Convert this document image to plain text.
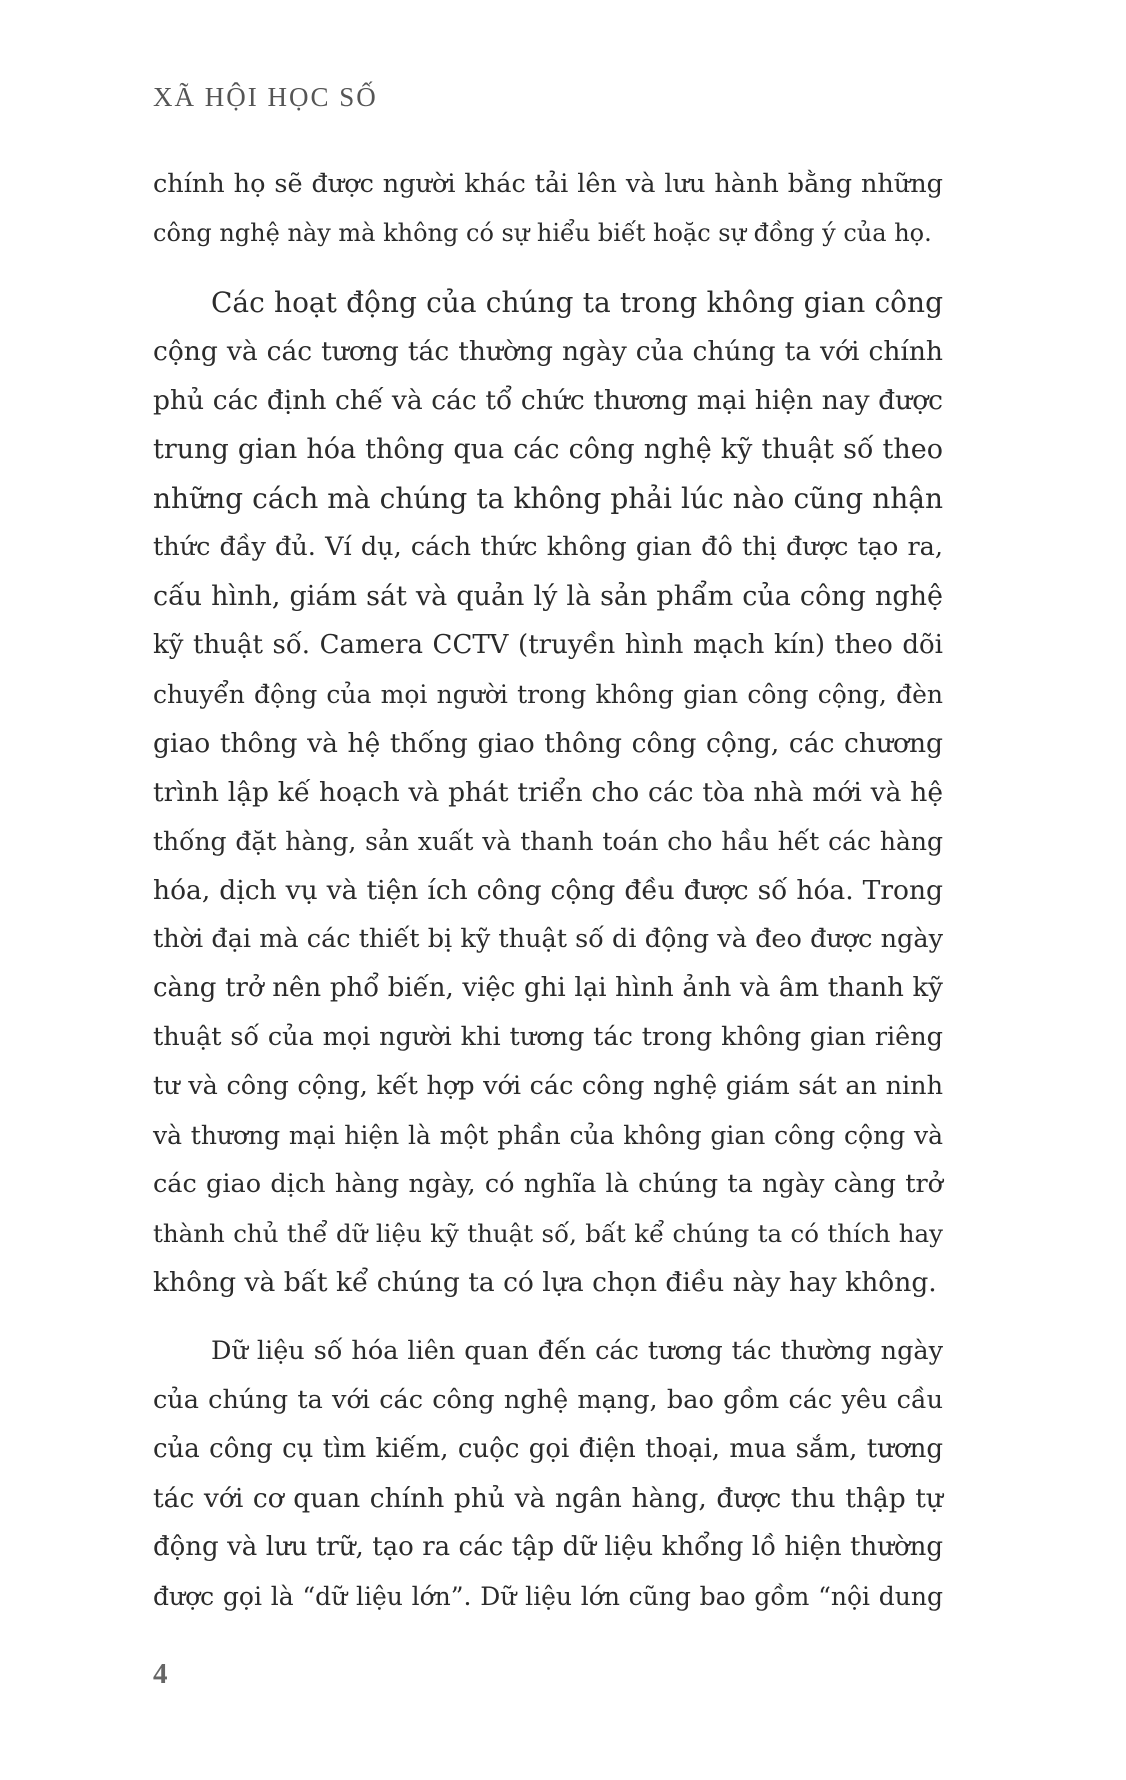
XÃ HỘI HỌC SỐ
chính họ sẽ được người khác tải lên và lưu hành bằng những
công nghệ này mà không có sự hiểu biết hoặc sự đồng ý của họ.
Các hoạt động của chúng ta trong không gian công
cộng và các tương tác thường ngày của chúng ta với chính
phủ các định chế và các tổ chức thương mại hiện nay được
trung gian hóa thông qua các công nghệ kỹ thuật số theo
những cách mà chúng ta không phải lúc nào cũng nhận
thức đầy đủ. Ví dụ, cách thức không gian đô thị được tạo ra,
cấu hình, giám sát và quản lý là sản phẩm của công nghệ
kỹ thuật số. Camera CCTV (truyền hình mạch kín) theo dõi
chuyển động của mọi người trong không gian công cộng, đèn
giao thông và hệ thống giao thông công cộng, các chương
trình lập kế hoạch và phát triển cho các tòa nhà mới và hệ
thống đặt hàng, sản xuất và thanh toán cho hầu hết các hàng
hóa, dịch vụ và tiện ích công cộng đều được số hóa. Trong
thời đại mà các thiết bị kỹ thuật số di động và đeo được ngày
càng trở nên phổ biến, việc ghi lại hình ảnh và âm thanh kỹ
thuật số của mọi người khi tương tác trong không gian riêng
tư và công cộng, kết hợp với các công nghệ giám sát an ninh
và thương mại hiện là một phần của không gian công cộng và
các giao dịch hàng ngày, có nghĩa là chúng ta ngày càng trở
thành chủ thể dữ liệu kỹ thuật số, bất kể chúng ta có thích hay
không và bất kể chúng ta có lựa chọn điều này hay không.
Dữ liệu số hóa liên quan đến các tương tác thường ngày
của chúng ta với các công nghệ mạng, bao gồm các yêu cầu
của công cụ tìm kiếm, cuộc gọi điện thoại, mua sắm, tương
tác với cơ quan chính phủ và ngân hàng, được thu thập tự
động và lưu trữ, tạo ra các tập dữ liệu khổng lồ hiện thường
được gọi là “dữ liệu lớn”. Dữ liệu lớn cũng bao gồm “nội dung
4
